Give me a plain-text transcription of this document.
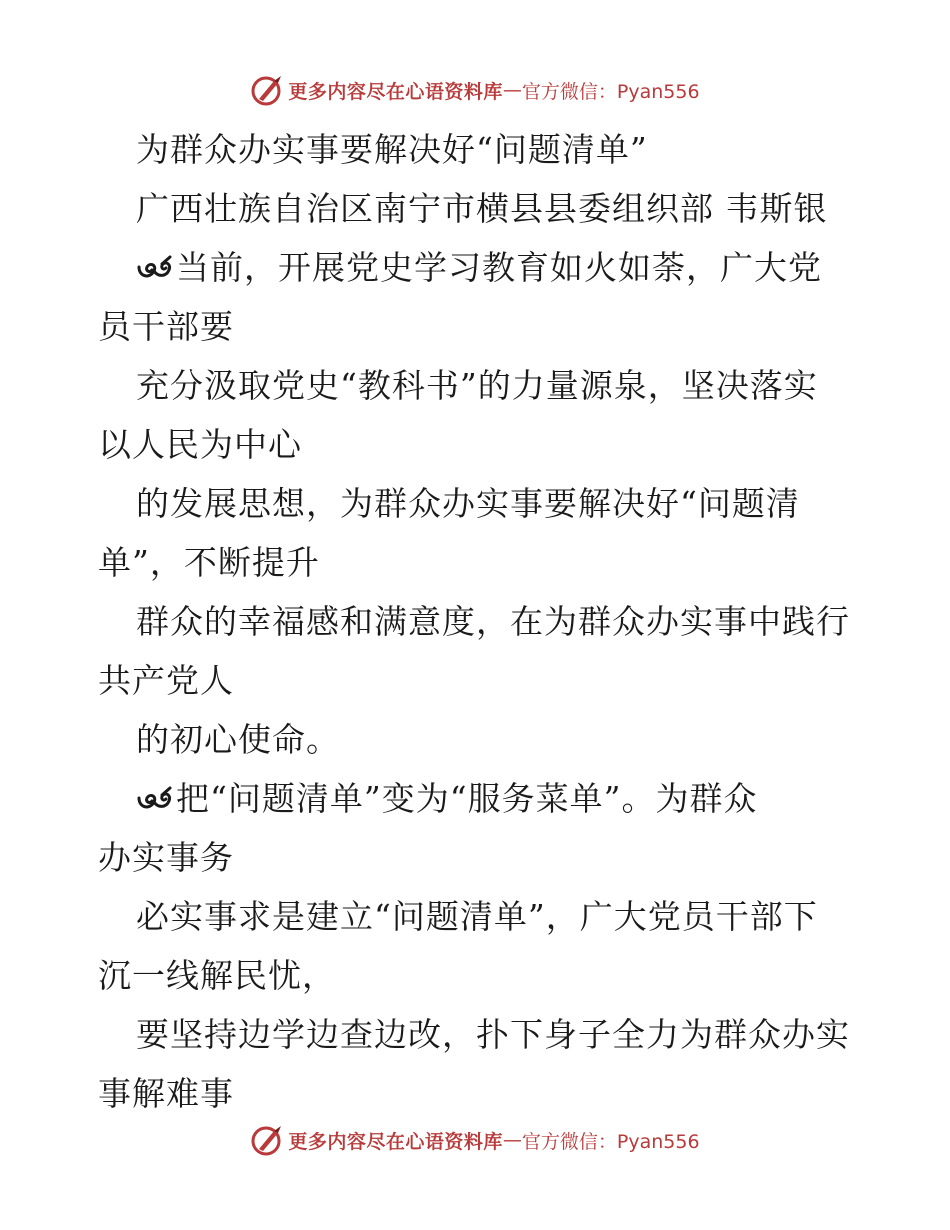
更多内容尽在心语资料库 — 官方微信：Pyan556
为群众办实事要解决好“问题清单”
广西壮族自治区南宁市横县县委组织部 韦斯银
当前，开展党史学习教育如火如荼，广大党
员干部要
充分汲取党史“教科书”的力量源泉，坚决落实
以人民为中心
的发展思想，为群众办实事要解决好“问题清
单”，不断提升
群众的幸福感和满意度，在为群众办实事中践行
共产党人
的初心使命。
把“问题清单”变为“服务菜单”。为群众
办实事务
必实事求是建立“问题清单”，广大党员干部下
沉一线解民忧，
要坚持边学边查边改，扑下身子全力为群众办实
事解难事
更多内容尽在心语资料库 — 官方微信：Pyan556
